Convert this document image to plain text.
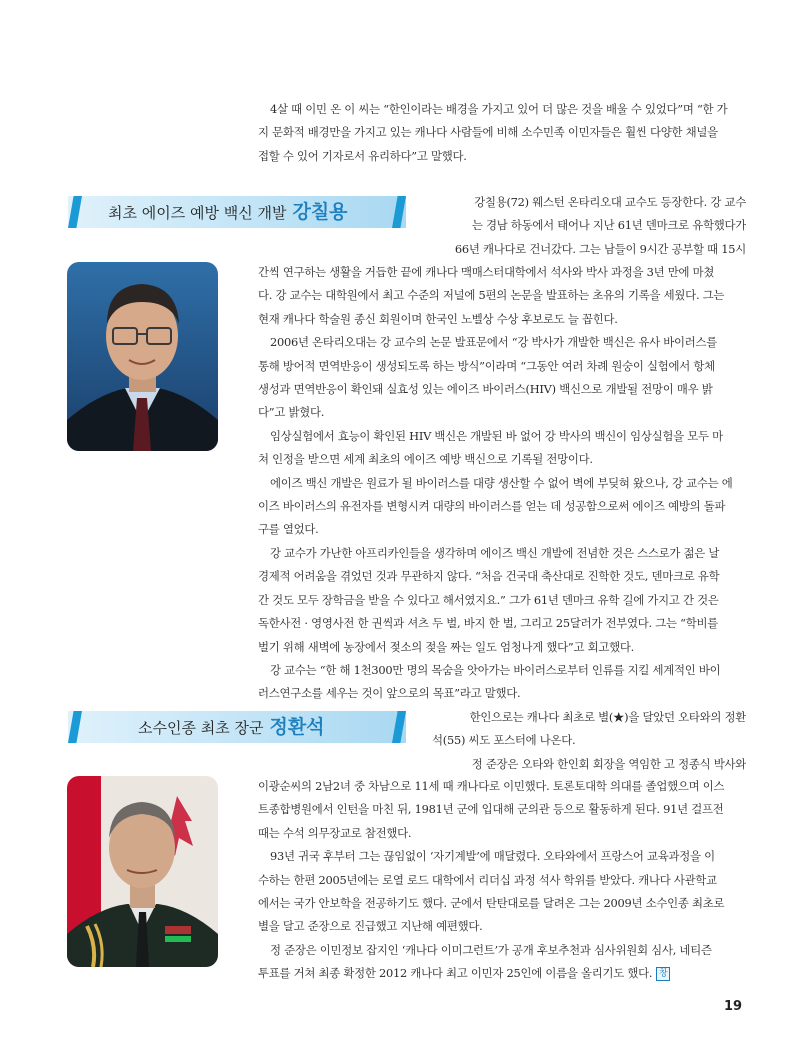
4살 때 이민 온 이 씨는 “한인이라는 배경을 가지고 있어 더 많은 것을 배울 수 있었다”며 “한 가
지 문화적 배경만을 가지고 있는 캐나다 사람들에 비해 소수민족 이민자들은 훨씬 다양한 채널을
접할 수 있어 기자로서 유리하다”고 말했다.
최초 에이즈 예방 백신 개발 강칠용	강칠용(72) 웨스턴 온타리오대 교수도 등장한다. 강 교수
는 경남 하동에서 태어나 지난 61년 덴마크로 유학했다가
66년 캐나다로 건너갔다. 그는 남들이 9시간 공부할 때 15시
간씩 연구하는 생활을 거듭한 끝에 캐나다 맥매스터대학에서 석사와 박사 과정을 3년 만에 마쳤
다. 강 교수는 대학원에서 최고 수준의 저널에 5편의 논문을 발표하는 초유의 기록을 세웠다. 그는
현재 캐나다 학술원 종신 회원이며 한국인 노벨상 수상 후보로도 늘 꼽힌다.
2006년 온타리오대는 강 교수의 논문 발표문에서 “강 박사가 개발한 백신은 유사 바이러스를
통해 방어적 면역반응이 생성되도록 하는 방식”이라며 “그동안 여러 차례 원숭이 실험에서 항체
생성과 면역반응이 확인돼 실효성 있는 에이즈 바이러스(HIV) 백신으로 개발될 전망이 매우 밝
다”고 밝혔다.
임상실험에서 효능이 확인된 HIV 백신은 개발된 바 없어 강 박사의 백신이 임상실험을 모두 마
쳐 인정을 받으면 세계 최초의 에이즈 예방 백신으로 기록될 전망이다.
에이즈 백신 개발은 원료가 될 바이러스를 대량 생산할 수 없어 벽에 부딪혀 왔으나, 강 교수는 에
이즈 바이러스의 유전자를 변형시켜 대량의 바이러스를 얻는 데 성공함으로써 에이즈 예방의 돌파
구를 열었다.
강 교수가 가난한 아프리카인들을 생각하며 에이즈 백신 개발에 전념한 것은 스스로가 젊은 날
경제적 어려움을 겪었던 것과 무관하지 않다. “처음 건국대 축산대로 진학한 것도, 덴마크로 유학
간 것도 모두 장학금을 받을 수 있다고 해서였지요.” 그가 61년 덴마크 유학 길에 가지고 간 것은
독한사전 · 영영사전 한 권씩과 셔츠 두 벌, 바지 한 벌, 그리고 25달러가 전부였다. 그는 “학비를
벌기 위해 새벽에 농장에서 젖소의 젖을 짜는 일도 엄청나게 했다”고 회고했다.
강 교수는 “한 해 1천300만 명의 목숨을 앗아가는 바이러스로부터 인류를 지킬 세계적인 바이
러스연구소를 세우는 것이 앞으로의 목표”라고 말했다.
소수인종 최초 장군 정환석	한인으로는 캐나다 최초로 별(★)을 달았던 오타와의 정환
석(55) 씨도 포스터에 나온다.
정 준장은 오타와 한인회 회장을 역임한 고 정종식 박사와
이광순씨의 2남2녀 중 차남으로 11세 때 캐나다로 이민했다. 토론토대학 의대를 졸업했으며 이스
트종합병원에서 인턴을 마친 뒤, 1981년 군에 입대해 군의관 등으로 활동하게 된다. 91년 걸프전
때는 수석 의무장교로 참전했다.
93년 귀국 후부터 그는 끊임없이 ‘자기계발’에 매달렸다. 오타와에서 프랑스어 교육과정을 이
수하는 한편 2005년에는 로열 로드 대학에서 리더십 과정 석사 학위를 받았다. 캐나다 사관학교
에서는 국가 안보학을 전공하기도 했다. 군에서 탄탄대로를 달려온 그는 2009년 소수인종 최초로
별을 달고 준장으로 진급했고 지난해 예편했다.
정 준장은 이민정보 잡지인 ‘캐나다 이미그런트’가 공개 후보추천과 심사위원회 심사, 네티즌
투표를 거쳐 최종 확정한 2012 캐나다 최고 이민자 25인에 이름을 올리기도 했다. 창
19
